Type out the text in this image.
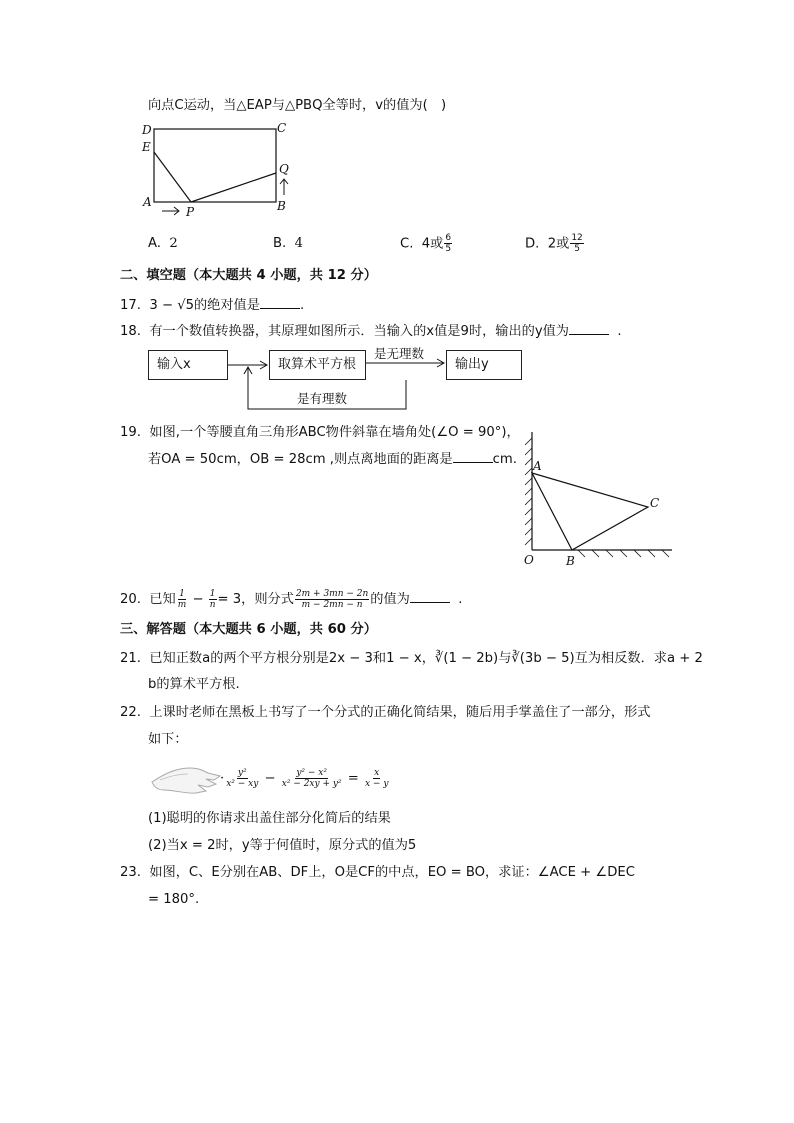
向点C运动，当△EAP与△PBQ全等时，v的值为(　)
D	C
E
Q
A	B
P
A. 2	B. 4	C. 4或 $\frac{6}{5}$	D. 2或 $\frac{12}{5}$
二、填空题（本大题共 4 小题，共 12 分）
17. 3 − √5的绝对值是	.
18. 有一个数值转换器，其原理如图所示．当输入的x值是9时，输出的y值为	.
输入x	取算术平方根	输出y
是无理数
是有理数
19. 如图,一个等腰直角三角形ABC物件斜靠在墙角处(∠O = 90°)，
若OA = 50cm，OB = 28cm ,则点离地面的距离是	cm. A
C
O	B
20. 已知 $\frac{1}{m} - \frac{1}{n} = 3$，则分式 $\frac{2m + 3mn - 2n}{m - 2mn - n}$ 的值为	.
三、解答题（本大题共 6 小题，共 60 分）
21. 已知正数a的两个平方根分别是2x − 3和1 − x，∛(1 − 2b)与∛(3b − 5)互为相反数．求a + 2
b的算术平方根.
22. 上课时老师在黑板上书写了一个分式的正确化简结果，随后用手掌盖住了一部分，形式
如下：
· $\frac{\text{y²}}{\text{x² − xy}} - \frac{\text{y² − x²}}{\text{x² − 2xy + y²}} = \frac{x}{x - y}$
(1)聪明的你请求出盖住部分化简后的结果
(2)当x = 2时，y等于何值时，原分式的值为5
23. 如图，C、E分别在AB、DF上，O是CF的中点，EO = BO，求证：∠ACE + ∠DEC
= 180°.
